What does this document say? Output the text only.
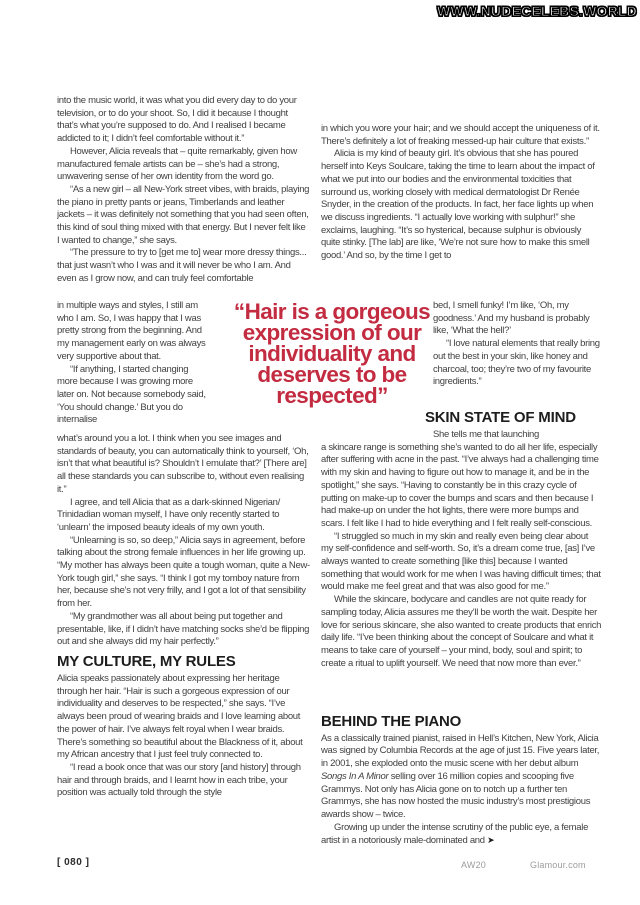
WWW.NUDECELEBS.WORLD
“Hair is a gorgeous
expression of our
individuality and
deserves to be
respected”

into the music world, it was what you did every day to do your television, or to do your shoot. So, I did it because I thought that’s what you’re supposed to do. And I realised I became addicted to it; I didn’t feel comfortable without it.”

However, Alicia reveals that – quite remarkably, given how manufactured female artists can be – she’s had a strong, unwavering sense of her own identity from the word go.

“As a new girl – all New-York street vibes, with braids, playing the piano in pretty pants or jeans, Timberlands and leather jackets – it was definitely not something that you had seen often, this kind of soul thing mixed with that energy. But I never felt like I wanted to change,” she says.

“The pressure to try to [get me to] wear more dressy things... that just wasn’t who I was and it will never be who I am. And even as I grow now, and can truly feel comfortable

in multiple ways and styles, I still am who I am. So, I was happy that I was pretty strong from the beginning. And my management early on was always very supportive about that.

“If anything, I started changing more because I was growing more later on. Not because somebody said, ‘You should change.’ But you do internalise

what’s around you a lot. I think when you see images and standards of beauty, you can automatically think to yourself, ‘Oh, isn’t that what beautiful is? Shouldn’t I emulate that?’ [There are] all these standards you can subscribe to, without even realising it.”

I agree, and tell Alicia that as a dark-skinned Nigerian/ Trinidadian woman myself, I have only recently started to ‘unlearn’ the imposed beauty ideals of my own youth.

“Unlearning is so, so deep,” Alicia says in agreement, before talking about the strong female influences in her life growing up. “My mother has always been quite a tough woman, quite a New-York tough girl,” she says. “I think I got my tomboy nature from her, because she’s not very frilly, and I got a lot of that sensibility from her.

“My grandmother was all about being put together and presentable, like, if I didn’t have matching socks she’d be flipping out and she always did my hair perfectly.”

MY CULTURE, MY RULES

Alicia speaks passionately about expressing her heritage through her hair. “Hair is such a gorgeous expression of our individuality and deserves to be respected,” she says. “I’ve always been proud of wearing braids and I love learning about the power of hair. I’ve always felt royal when I wear braids. There’s something so beautiful about the Blackness of it, about my African ancestry that I just feel truly connected to.

“I read a book once that was our story [and history] through hair and through braids, and I learnt how in each tribe, your position was actually told through the style

in which you wore your hair; and we should accept the uniqueness of it. There’s definitely a lot of freaking messed-up hair culture that exists.”

Alicia is my kind of beauty girl. It’s obvious that she has poured herself into Keys Soulcare, taking the time to learn about the impact of what we put into our bodies and the environmental toxicities that surround us, working closely with medical dermatologist Dr Renée Snyder, in the creation of the products. In fact, her face lights up when we discuss ingredients. “I actually love working with sulphur!” she exclaims, laughing. “It’s so hysterical, because sulphur is obviously quite stinky. [The lab] are like, ‘We’re not sure how to make this smell good.’ And so, by the time I get to

bed, I smell funky! I’m like, ‘Oh, my goodness.’ And my husband is probably like, ‘What the hell?’

“I love natural elements that really bring out the best in your skin, like honey and charcoal, too; they’re two of my favourite ingredients.”

SKIN STATE OF MIND
She tells me that launching

a skincare range is something she’s wanted to do all her life, especially after suffering with acne in the past. “I’ve always had a challenging time with my skin and having to figure out how to manage it, and be in the spotlight,” she says. “Having to constantly be in this crazy cycle of putting on make-up to cover the bumps and scars and then because I had make-up on under the hot lights, there were more bumps and scars. I felt like I had to hide everything and I felt really self-conscious.

“I struggled so much in my skin and really even being clear about my self-confidence and self-worth. So, it’s a dream come true, [as] I’ve always wanted to create something [like this] because I wanted something that would work for me when I was having difficult times; that would make me feel great and that was also good for me.”

While the skincare, bodycare and candles are not quite ready for sampling today, Alicia assures me they’ll be worth the wait. Despite her love for serious skincare, she also wanted to create products that enrich daily life. “I’ve been thinking about the concept of Soulcare and what it means to take care of yourself – your mind, body, soul and spirit; to create a ritual to uplift yourself. We need that now more than ever.”

BEHIND THE PIANO

As a classically trained pianist, raised in Hell’s Kitchen, New York, Alicia was signed by Columbia Records at the age of just 15. Five years later, in 2001, she exploded onto the music scene with her debut album Songs In A Minor selling over 16 million copies and scooping five Grammys. Not only has Alicia gone on to notch up a further ten Grammys, she has now hosted the music industry’s most prestigious awards show – twice.

Growing up under the intense scrutiny of the public eye, a female artist in a notoriously male-dominated and ➤

[ 080 ]	AW20	Glamour.com
